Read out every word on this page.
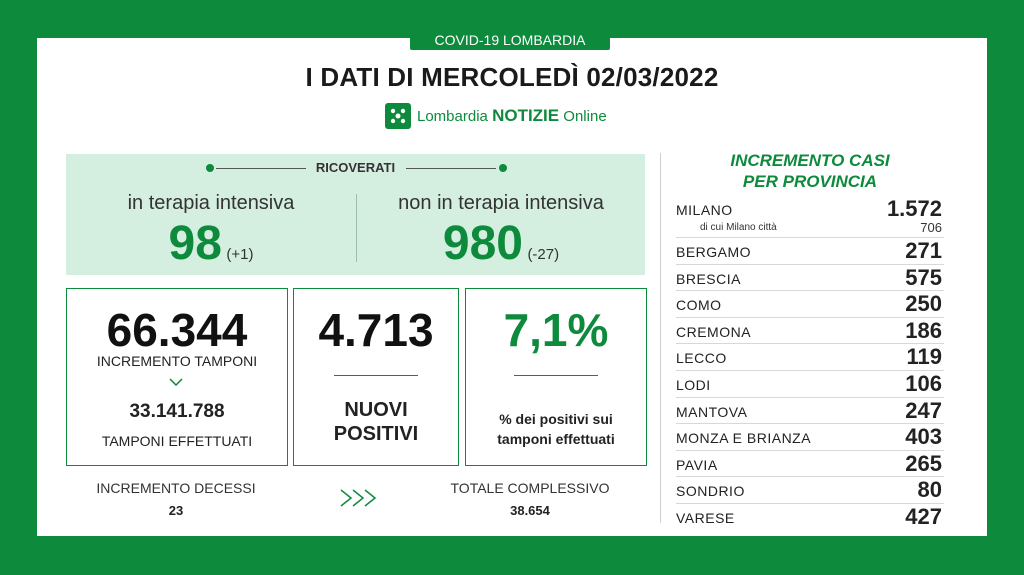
COVID-19 LOMBARDIA
I DATI DI MERCOLEDÌ 02/03/2022
Lombardia NOTIZIE Online
RICOVERATI
in terapia intensiva
98 (+1)
non in terapia intensiva
980 (-27)
66.344
INCREMENTO TAMPONI
33.141.788
TAMPONI EFFETTUATI
4.713
NUOVI
POSITIVI
7,1%
% dei positivi sui
tamponi effettuati
INCREMENTO DECESSI
23
TOTALE COMPLESSIVO
38.654
INCREMENTO CASI
PER PROVINCIA
MILANO	1.572
di cui Milano città	706
BERGAMO	271
BRESCIA	575
COMO	250
CREMONA	186
LECCO	119
LODI	106
MANTOVA	247
MONZA E BRIANZA	403
PAVIA	265
SONDRIO	80
VARESE	427
